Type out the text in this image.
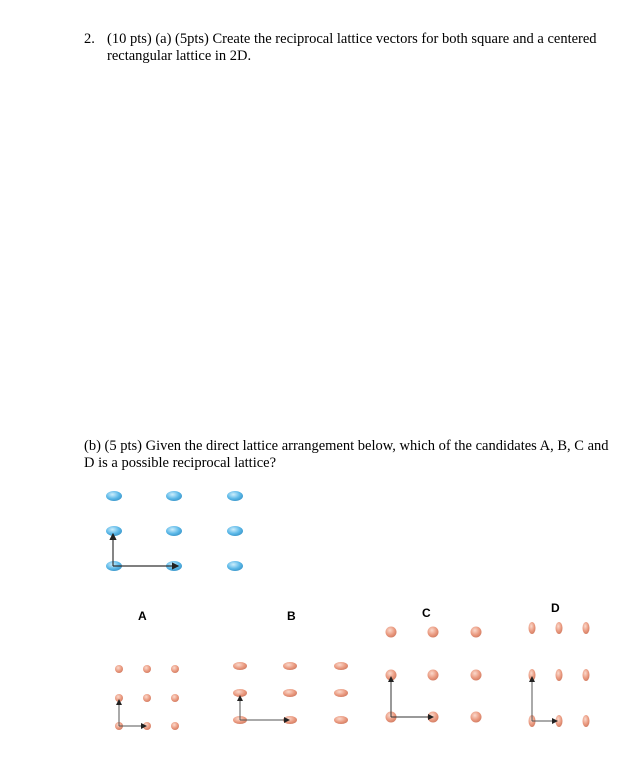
2. (10 pts) (a) (5pts) Create the reciprocal lattice vectors for both square and a centered rectangular lattice in 2D.
(b) (5 pts) Given the direct lattice arrangement below, which of the candidates A, B, C and D is a possible reciprocal lattice?
A	B	C	D
